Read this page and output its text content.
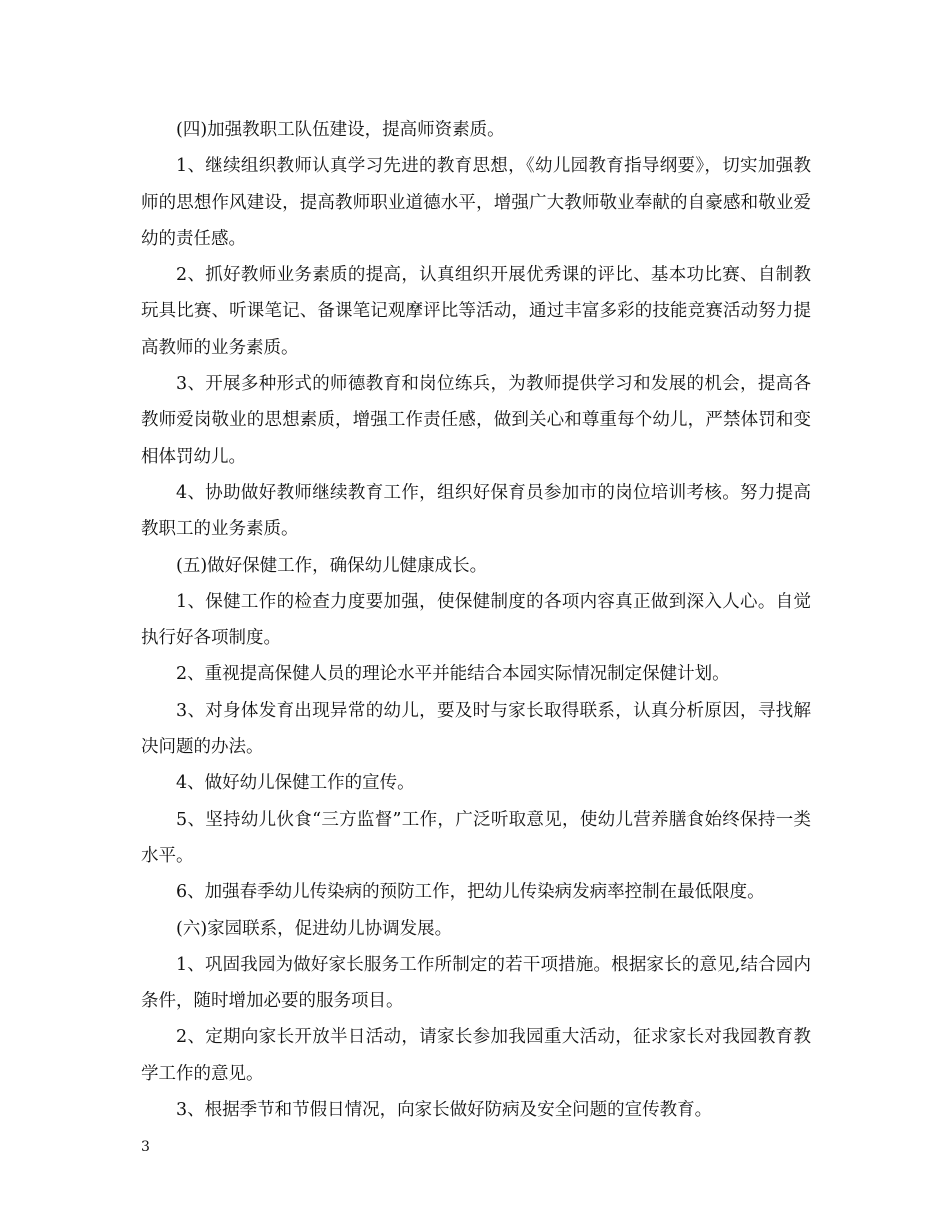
(四)加强教职工队伍建设，提高师资素质。

1、继续组织教师认真学习先进的教育思想，《幼儿园教育指导纲要》，切实加强教师的思想作风建设，提高教师职业道德水平，增强广大教师敬业奉献的自豪感和敬业爱幼的责任感。

2、抓好教师业务素质的提高，认真组织开展优秀课的评比、基本功比赛、自制教玩具比赛、听课笔记、备课笔记观摩评比等活动，通过丰富多彩的技能竞赛活动努力提高教师的业务素质。

3、开展多种形式的师德教育和岗位练兵，为教师提供学习和发展的机会，提高各教师爱岗敬业的思想素质，增强工作责任感，做到关心和尊重每个幼儿，严禁体罚和变相体罚幼儿。

4、协助做好教师继续教育工作，组织好保育员参加市的岗位培训考核。努力提高教职工的业务素质。

(五)做好保健工作，确保幼儿健康成长。

1、保健工作的检查力度要加强，使保健制度的各项内容真正做到深入人心。自觉执行好各项制度。

2、重视提高保健人员的理论水平并能结合本园实际情况制定保健计划。

3、对身体发育出现异常的幼儿，要及时与家长取得联系，认真分析原因，寻找解决问题的办法。

4、做好幼儿保健工作的宣传。

5、坚持幼儿伙食“三方监督”工作，广泛听取意见，使幼儿营养膳食始终保持一类水平。

6、加强春季幼儿传染病的预防工作，把幼儿传染病发病率控制在最低限度。

(六)家园联系，促进幼儿协调发展。

1、巩固我园为做好家长服务工作所制定的若干项措施。根据家长的意见,结合园内条件，随时增加必要的服务项目。

2、定期向家长开放半日活动，请家长参加我园重大活动，征求家长对我园教育教学工作的意见。

3、根据季节和节假日情况，向家长做好防病及安全问题的宣传教育。

3
